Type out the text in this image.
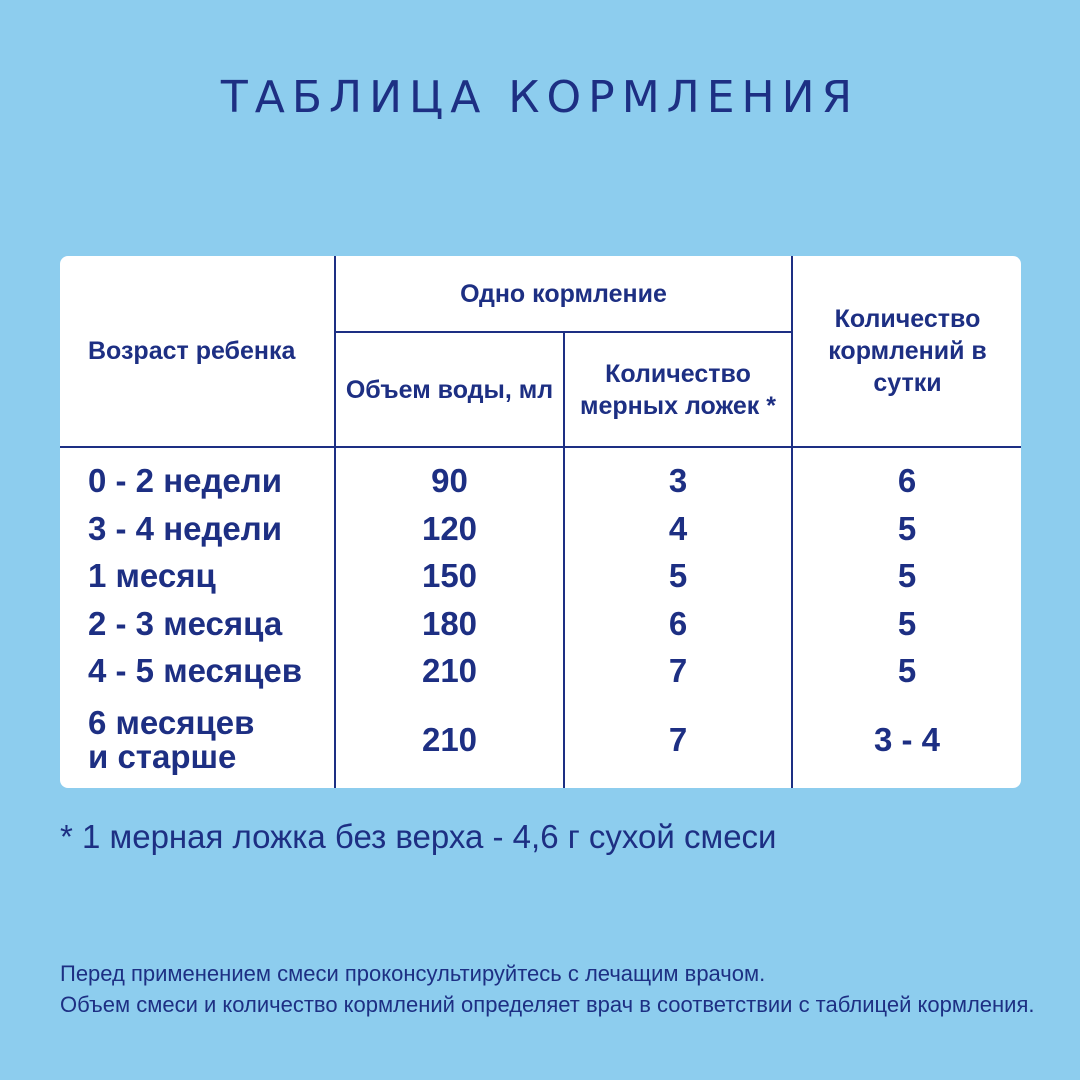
ТАБЛИЦА КОРМЛЕНИЯ
Возраст ребенка
Одно кормление
Объем воды, мл
Количество мерных ложек *
Количество кормлений в сутки
0 - 2 недели	90	3	6
3 - 4 недели	120	4	5
1 месяц	150	5	5
2 - 3 месяца	180	6	5
4 - 5 месяцев	210	7	5
6 месяцев и старше	210	7	3 - 4
* 1 мерная ложка без верха - 4,6 г сухой смеси
Перед применением смеси проконсультируйтесь с лечащим врачом.
Объем смеси и количество кормлений определяет врач в соответствии с таблицей кормления.
